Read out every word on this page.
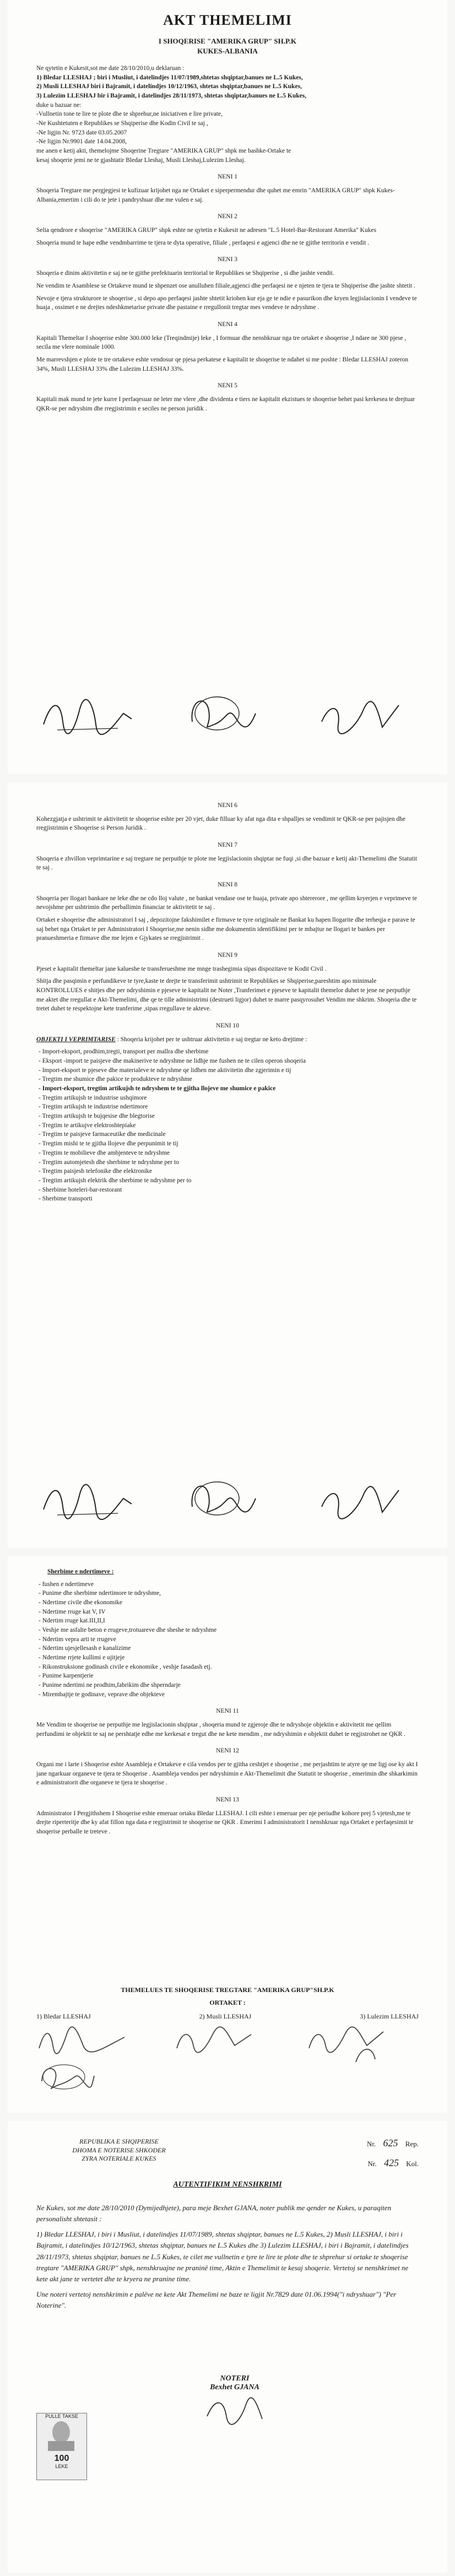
AKT THEMELIMI

I SHOQERISE "AMERIKA GRUP" SH.P.K

KUKES-ALBANIA

Ne qytetin e Kukesit,sot me date 28/10/2010,u deklaruan :

1) Bledar LLESHAJ ; biri i Musliut, i datelindjes 11/07/1989,shtetas shqiptar,banues ne L.5 Kukes,

2) Musli LLESHAJ biri i Bajramit, i datelindjes 10/12/1963, shtetas shqiptar,banues ne L.5 Kukes,

3) Lulezim LLESHAJ bir i Bajramit, i datelindjes 28/11/1973, shtetas shqiptar,banues ne L.5 Kukes,

duke u bazuar ne:

-Vullnetin tone te lire te plote dhe te shprehur,ne iniciativen e lire private,

-Ne Kushtetuten e Republikes se Shqiperise dhe Kodin Civil te saj ,

-Ne ligjin Nr. 9723 date 03.05.2007

-Ne ligjin Nr.9901 date 14.04.2008,

me anen e ketij akti, themelojme Shoqerine Tregtare "AMERIKA GRUP" shpk me bashke-Ortake te

kesaj shoqerie jemi ne te gjashtatir Bledar Lleshaj, Musli Lleshaj,Lulezim Lleshaj.

NENI 1

Shoqeria Tregtare me pergjegjesi te kufizuar krijohet nga ne Ortaket e siperpermendur dhe quhet me emrin "AMERIKA GRUP" shpk Kukes-Albania,emertim i cili do te jete i pandryshuar dhe me vulen e saj.

NENI 2

Selia qendrore e shoqerise "AMERIKA GRUP" shpk eshte ne qytetin e Kukesit ne adresen "L.5 Hotel-Bar-Restorant Amerika" Kukes

Shoqeria mund te hape edhe vendmbarrime te tjera te dyta operative, filiale , perfaqesi e agjenci dhe ne te gjithe territorin e vendit .

NENI 3

Shoqeria e dinim aktivitetin e saj ne te gjithe prefektuarin territorial te Republikes se Shqiperise , si dhe jashte vendit.

Ne vendim te Asamblese se Ortakeve mund te shpenzet ose anulluhen filiale,agjenci dhe perfaqesi ne e njeten te tjera te Shqiperise dhe jashte shtetit .

Nevoje e tjera strukturore te shoqerise , si depo apo perfaqesi jashte shtetit kriohen kur eja ge te ndie e pasurikon dhe kryen legjislacionin I vendeve te huaja , ossimet e ne drejtes ndeshkmetarise private dhe pastaine e rregullonit tregtar mes vendeve te ndryshme .

NENI 4

Kapitali Themeltar I shoqerise eshte 300.000 leke (Treqindmije) leke , I formuar dhe nenshkruar nga tre ortaket e shoqerise ,I ndare ne 300 pjese , secila me vlere nominale 1000.

Me marrevshjen e plote te tre ortakeve eshte vendosur qe pjesa perkatese e kapitalit te shoqerise te ndahet si me poshte : Bledar LLESHAJ zoteron 34%, Musli LLESHAJ 33% dhe Lulezim LLESHAJ 33%.

NENI 5

Kapitali mak mund te jete kurre I perfaqesuar ne leter me vlere ,dhe dividenta e tiers ne kapitalit ekzistues te shoqerise behet pasi kerkesea te drejtuar QKR-se per ndryshim dhe rregjistrimin e seciles ne person juridik .

NENI 6

Kohezgjatja e ushtrimit te aktivitetit te shoqerise eshte per 20 vjet, duke filluar ky afat nga dita e shpalljes se vendimit te QKR-se per pajisjen dhe rregjistrimin e Shoqerise si Person Juridik .

NENI 7

Shoqeria e zhvillon veprimtarine e saj tregtare ne perputhje te plote me legjislacionin shqiptar ne fuqi ,si dhe bazuar e ketij akt-Themelimi dhe Statutit te saj .

NENI 8

Shoqeria per llogari bankare ne leke dhe ne cdo lloj valute , ne bankat vendase ose te huaja, private apo shtererore , me qellim kryerjen e veprimeve te nevojshme per ushtrimin dhe perballimin financiar te aktivitetit te saj .

Ortaket e shoqerise dhe administratori I saj , depozitojne fakshimilet e firmave te tyre origjinale ne Bankat ku hapen llogarite dhe terheqja e parave te saj behet nga Ortaket te per Administratori I Shoqerise,me nenin sidhe me dokumentin identifikimi per te mbajtur ne llogari te bankes per pranueshmeria e firmave dhe me lejen e Gjykates se rregjistrimit .

NENI 9

Pjeset e kapitalit themeltar jane kalueshe te transferueshme me mnge trashegimia sipas dispozitave te Kodit Civil .

Shitja dhe pasqimin e perfundikeve te tyre,kaste te drejte te transferimit ushtrimit te Republikes se Shqiperise,pareshtim apo minimale KONTROLLUES e shitjes dhe per ndryshimin e pjeseve te kapitalit ne Noter ,Tranferimet e pjeseve te kapitalit themelor duhet te jene ne perputhje me aktet dhe rregullat e Akt-Themelimi, dhe qe te tille administrimi (destrueti ligjor) duhet te marre pasqyrosuhet Vendim me shkrim. Shoqeria dhe te tretet duhet te respektojne kete tranferime ,sipas rregullave te akteve.

NENI 10

OBJEKTI I VEPRIMTARISE : Shoqeria krijohet per te ushtruar aktivitetin e saj tregtar ne keto drejtime :

- Import-eksport, prodhim,tregti, transport per mallra dhe sherbime
- Eksport -import te paisjeve dhe makinerive te ndryshme ne lidhje me fushen ne te cilen operon shoqeria
- Import-eksport te pjeseve dhe materialeve te ndryshme qe lidhen me aktivitetin dhe zgjerimin e tij
- Tregtim me shumice dhe pakice te produkteve te ndryshme
- Import-eksport, tregtim artikujsh te ndryshem te te gjitha llojeve me shumice e pakice
- Tregtim artikujsh te industrise ushqimore
- Tregtim artikujsh te industrise ndertimore
- Tregtim artikujsh te bujqesise dhe blegtorise
- Tregtim te artikujve elektroshtepiake
- Tregtim te paisjeve farmaceutike dhe medicinale
- Tregtim mishi te te gjitha llojeve dhe perpunimit te tij
- Tregtim te mobilieve dhe ambjenteve te ndryshme
- Tregtim automjetesh dhe sherbime te ndryshme per to
- Tregtim paisjesh telefonike dhe elektronike
- Tregtim artikujsh elektrik dhe sherbime te ndryshme per to
- Sherbime hoteleri-bar-restorant
- Sherbime transporti

Sherbime e ndertimeve :

- fushen e ndertimeve
- Punime dhe sherbime ndertimore te ndryshme,
- Ndertime civile dhe ekonomike
- Ndertime rruge kat V, IV
- Ndertim rruge kat.III,II,I
- Veshje me asfalte beton e rrugeve,trotuareve dhe sheshe te ndryshme
- Ndertim vepra arti te rrugeve
- Ndertim ujesjellesash e kanalizime
- Ndertime rrjete kullimi e ujitjeje
- Rikonstruksione godinash civile e ekonomike , veshje fasadash etj.
- Punime karpentjerie
- Punime ndertimi ne prodhim,fabrikim dhe shperndarje
- Mirembajtje te godinave, veprave dhe objekteve
NENI 11

Me Vendim te shoqerise ne perputhje me legjislacionin shqiptar , shoqeria mund te zgjeroje dhe te ndryshoje objektin e aktivitetit me qellim perfundimi te objektit te saj ne pershtatje edhe me kerkesat e tregut dhe ne kete mendim , me ndryshimin e objektit duhet te regjistrohet ne QKR .

NENI 12

Organi me i larte i Shoqerise eshte Asambleja e Ortakeve e cila vendos per te gjitha ceshtjet e shoqerise , me perjashtim te atyre qe me ligj ose ky akt I jane ngarkuar organeve te tjera te Shoqerise . Asambleja vendos per ndryshimin e Akt-Themelimit dhe Statutit te shoqerise , emerimin dhe shkarkimin e administratorit dhe organeve te tjera te shoqerise .

NENI 13

Administrator I Pergjithshem I Shoqerise eshte emeruar ortaku Bledar LLESHAJ. I cili eshte i emeruar per nje periudhe kohore prej 5 vjetesh,me te drejte riperteritje dhe ky afat fillon nga data e regjistrimit te shoqerise ne QKR . Emerimi I administratorit I nenshkruar nga Ortaket e perfaqesimit te shoqerise perballe te treteve .

THEMELUES TE SHOQERISE TREGTARE "AMERIKA GRUP"SH.P.K
ORTAKET :
1) Bledar LLESHAJ	2) Musli LLESHAJ	3) Lulezim LLESHAJ
REPUBLIKA E SHQIPERISE
DHOMA E NOTERISE SHKODER
ZYRA NOTERIALE KUKES
Nr. 625 Rep.
Nr. 425 Kol.
AUTENTIFIKIM NENSHKRIMI

Ne Kukes, sot me date 28/10/2010 (Dymijedhjete), para meje Bexhet GJANA, noter publik me qender ne Kukes, u paraqiten personalisht shtetasit :

1) Bledar LLESHAJ, i biri i Musliut, i datelindjes 11/07/1989, shtetas shqiptar, banues ne L.5 Kukes, 2) Musli LLESHAJ, i biri i Bajramit, i datelindjes 10/12/1963, shtetas shqiptar, banues ne L.5 Kukes dhe 3) Lulezim LLESHAJ, i biri i Bajramit, i datelindjes 28/11/1973, shtetas shqiptar, banues ne L.5 Kukes, te cilet me vullnetin e tyre te lire te plote dhe te shprehur si ortake te shoqerise tregtare "AMERIKA GRUP" shpk, nenshkruajne ne praninë time, Aktin e Themelimit te kesaj shoqerie. Vertetoj se nenshkrimet ne kete akt jane te vertetet dhe te kryera ne pranine time.

Une noteri vertetoj nenshkrimin e palëve ne kete Akt Themelimi ne baze te ligjit Nr.7829 date 01.06.1994("i ndryshuar") "Per Noterine".

NOTERI
Bexhet GJANA
PULLE TAKSE
100
LEKE
